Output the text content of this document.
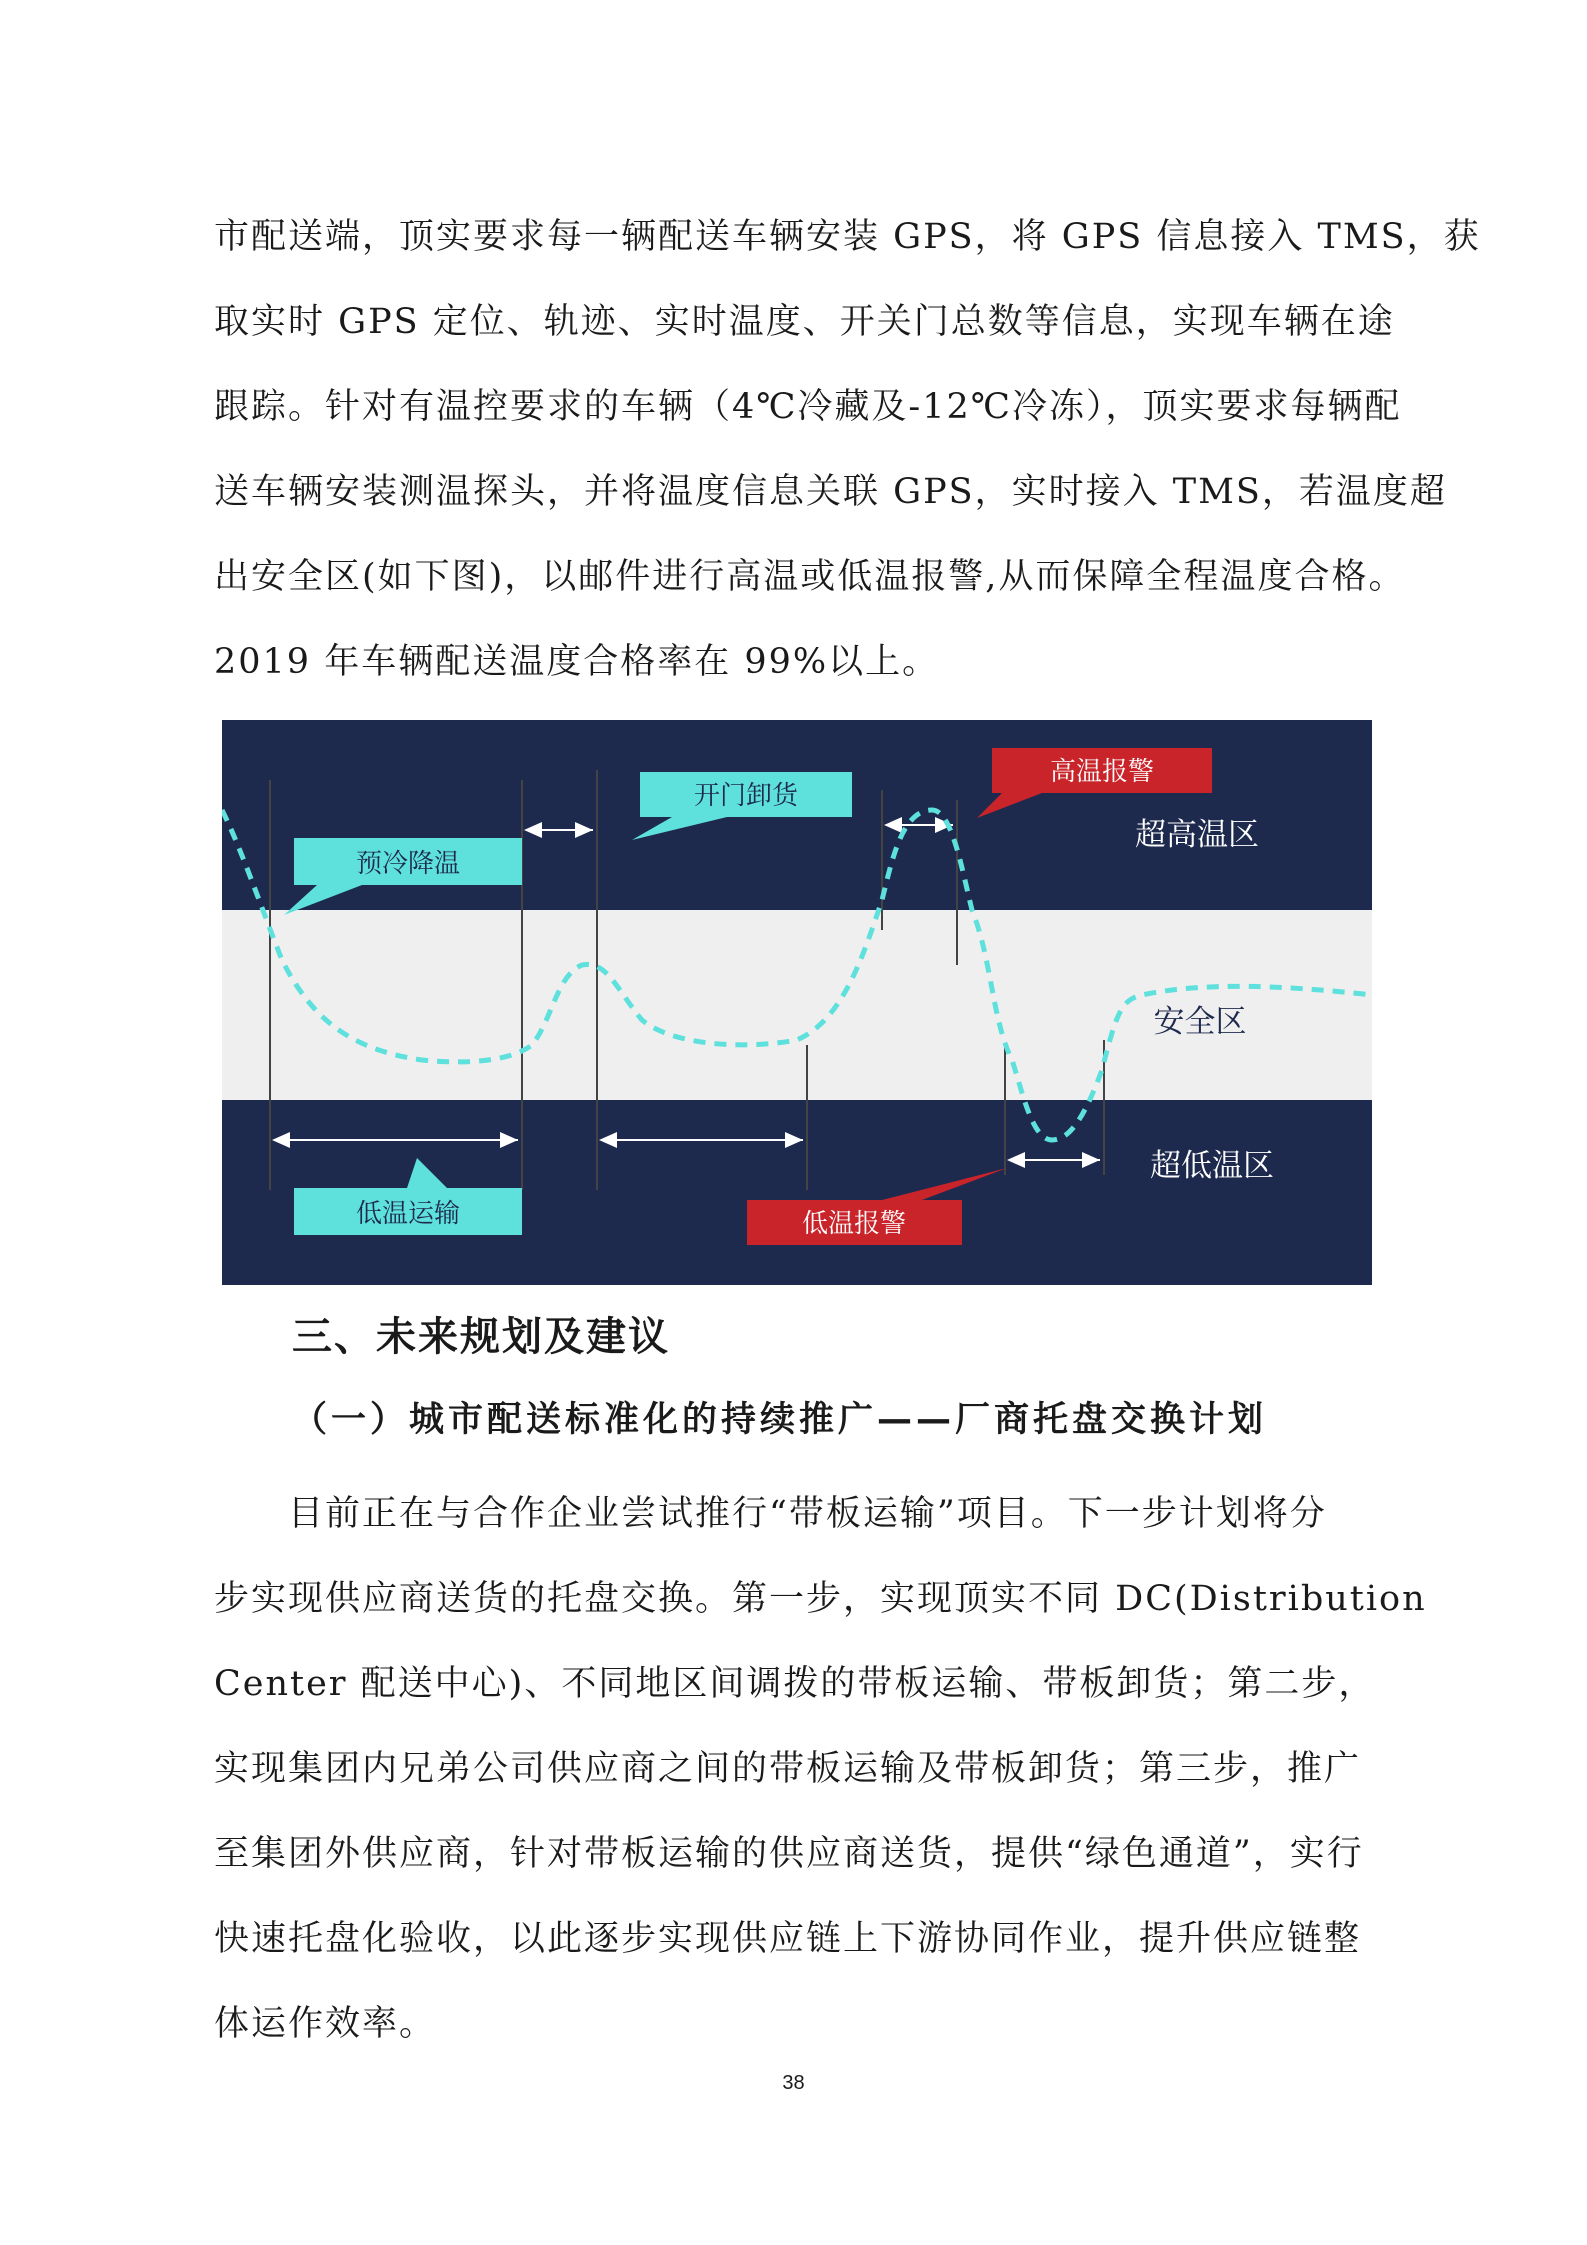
市配送端，顶实要求每一辆配送车辆安装 GPS，将 GPS 信息接入 TMS，获
取实时 GPS 定位、轨迹、实时温度、开关门总数等信息，实现车辆在途
跟踪。针对有温控要求的车辆（4℃冷藏及-12℃冷冻），顶实要求每辆配
送车辆安装测温探头，并将温度信息关联 GPS，实时接入 TMS，若温度超
出安全区(如下图)，以邮件进行高温或低温报警,从而保障全程温度合格。
2019 年车辆配送温度合格率在 99%以上。
预冷降温
开门卸货
高温报警
低温运输	低温报警
超高温区
安全区
超低温区
三、未来规划及建议
（一）城市配送标准化的持续推广——厂商托盘交换计划
　　目前正在与合作企业尝试推行“带板运输”项目。下一步计划将分
步实现供应商送货的托盘交换。第一步，实现顶实不同 DC(Distribution
Center 配送中心)、不同地区间调拨的带板运输、带板卸货；第二步，
实现集团内兄弟公司供应商之间的带板运输及带板卸货；第三步，推广
至集团外供应商，针对带板运输的供应商送货，提供“绿色通道”，实行
快速托盘化验收，以此逐步实现供应链上下游协同作业，提升供应链整
体运作效率。
38
